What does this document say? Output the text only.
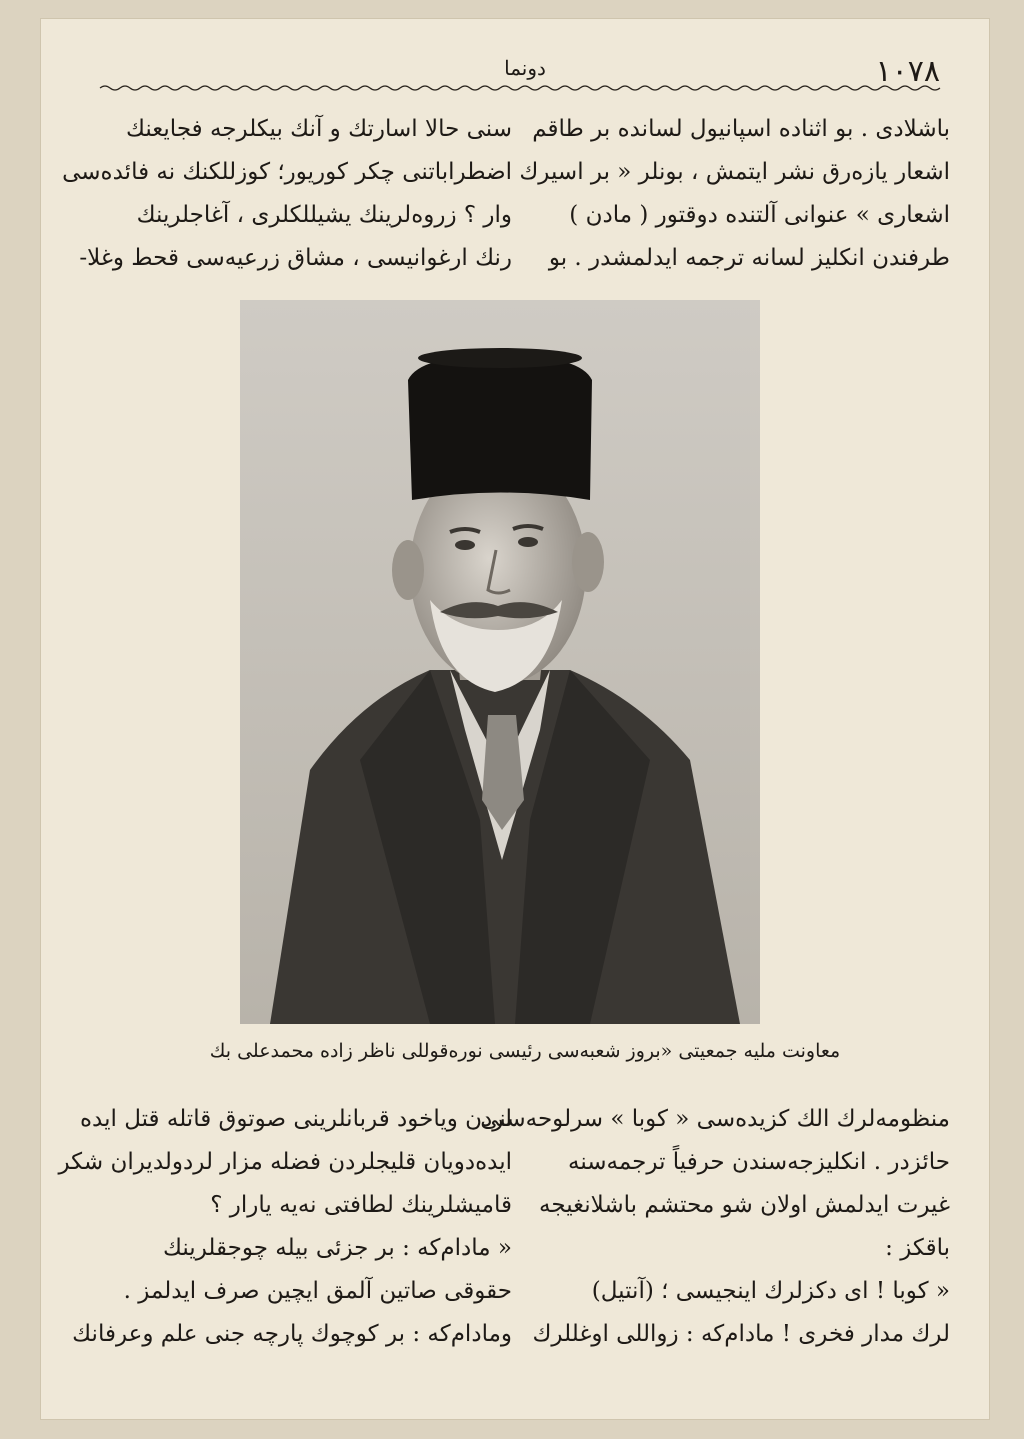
١٠٧٨
دونما
باشلادی . بو اثناده اسپانیول لسانده بر طاقم
اشعار یازه‌رق نشر ایتمش ، بونلر « بر اسیرك
اشعاری » عنوانی آلتنده دوقتور ( مادن )
طرفندن انکلیز لسانه ترجمه ایدلمشدر . بو
سنی حالا اسارتك و آنك بیکلرجه فجایعنك
اضطراباتنی چکر کوریور؛ کوزللکنك نه فائده‌سی
وار ؟ زروه‌لرینك یشیللکلری ، آغاجلرینك
رنك ارغوانیسی ، مشاق زرعیه‌سی قحط وغلا-
معاونت ملیه جمعیتی «بروز شعبه‌سی رئیسی نوره‌قوللی ناظر زاده محمدعلی بك
منظومه‌لرك الك کزیده‌سی « کوبا » سرلوحه‌سنی
حائزدر . انکلیزجه‌سندن حرفیاً ترجمه‌سنه
غیرت ایدلمش اولان شو محتشم باشلانغیجه
باقکز :
« کوبا ! ای دکزلرك اینجیسی ؛ (آنتیل)
لرك مدار فخری ! مادام‌که : زواللی اوغللرك
لردن ویاخود قربانلرینی صوتوق قاتله قتل ایده
ایده‌دویان قلیجلردن فضله مزار لردولدیران شکر
قامیشلرینك لطافتی نه‌یه یارار ؟
« مادام‌که : بر جزئی بیله چوجقلرینك
حقوقی صاتین آلمق ایچین صرف ایدلمز .
ومادام‌که : بر کوچوك پارچه جنی علم وعرفانك
